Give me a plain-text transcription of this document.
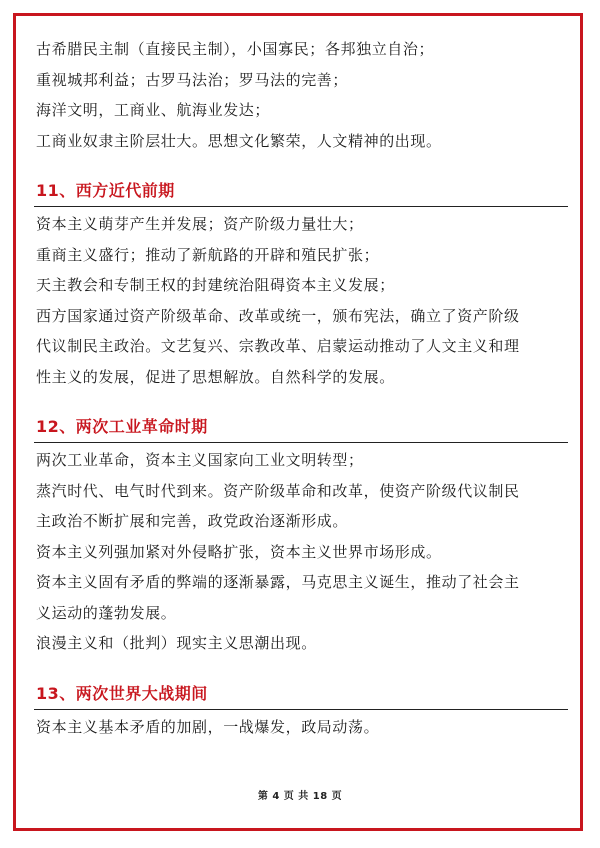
古希腊民主制（直接民主制），小国寡民；各邦独立自治；
重视城邦利益；古罗马法治；罗马法的完善；
海洋文明，工商业、航海业发达；
工商业奴隶主阶层壮大。思想文化繁荣，人文精神的出现。
11、西方近代前期
资本主义萌芽产生并发展；资产阶级力量壮大；
重商主义盛行；推动了新航路的开辟和殖民扩张；
天主教会和专制王权的封建统治阻碍资本主义发展；
西方国家通过资产阶级革命、改革或统一，颁布宪法，确立了资产阶级
代议制民主政治。文艺复兴、宗教改革、启蒙运动推动了人文主义和理
性主义的发展，促进了思想解放。自然科学的发展。
12、两次工业革命时期
两次工业革命，资本主义国家向工业文明转型；
蒸汽时代、电气时代到来。资产阶级革命和改革，使资产阶级代议制民
主政治不断扩展和完善，政党政治逐渐形成。
资本主义列强加紧对外侵略扩张，资本主义世界市场形成。
资本主义固有矛盾的弊端的逐渐暴露，马克思主义诞生，推动了社会主
义运动的蓬勃发展。
浪漫主义和（批判）现实主义思潮出现。
13、两次世界大战期间
资本主义基本矛盾的加剧，一战爆发，政局动荡。
第 4 页 共 18 页
